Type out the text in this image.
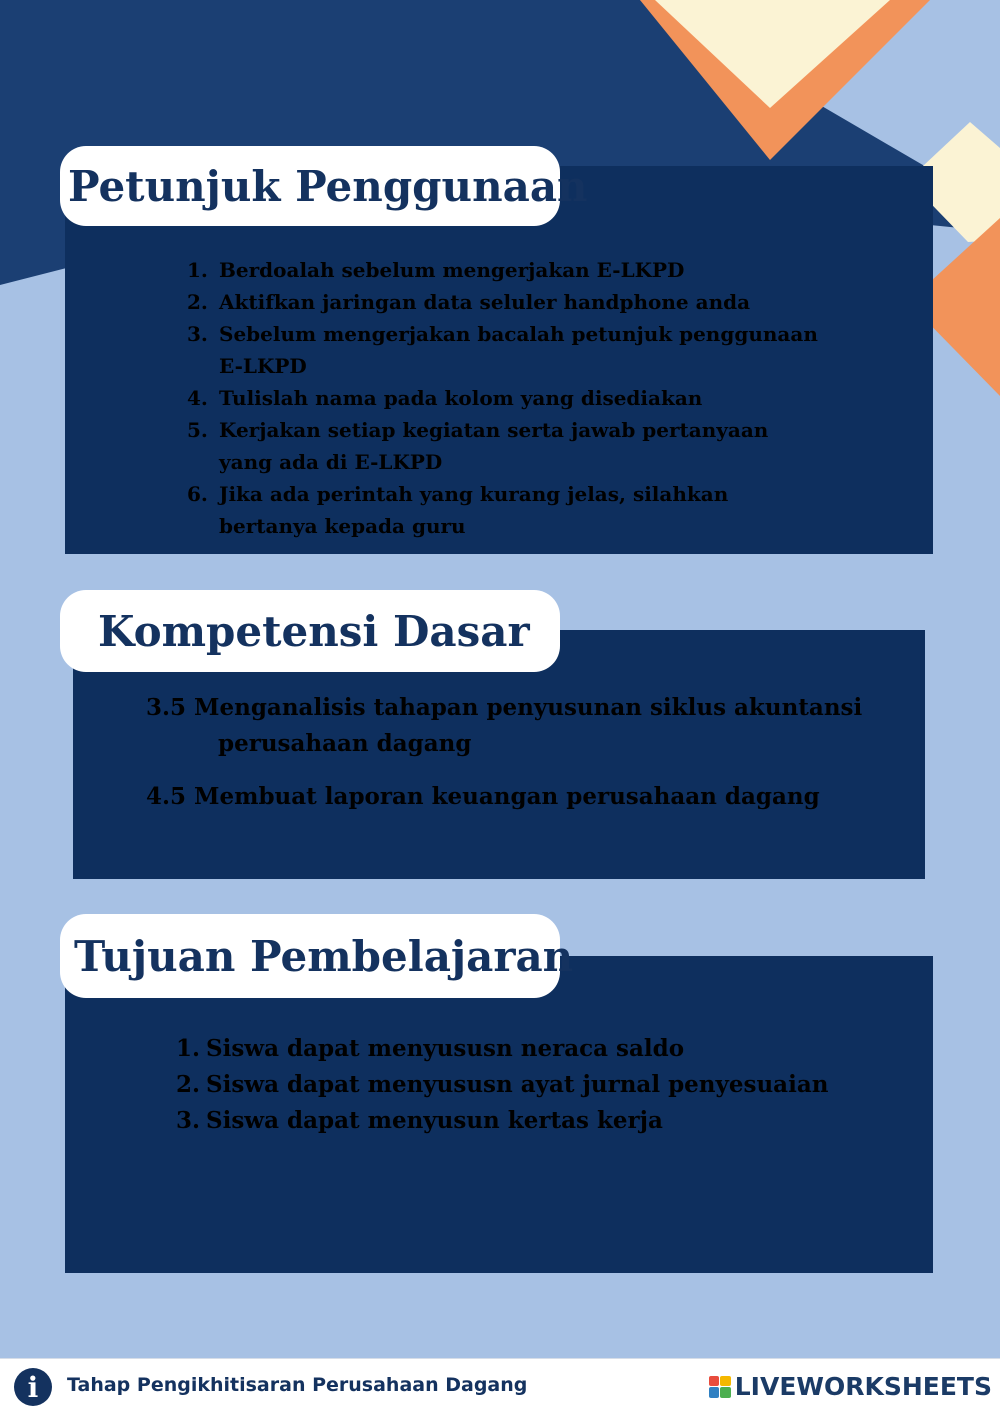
Petunjuk Penggunaan
1. Berdoalah sebelum mengerjakan E-LKPD
2. Aktifkan jaringan data seluler handphone anda
3. Sebelum mengerjakan bacalah petunjuk penggunaan E-LKPD
4. Tulislah nama pada kolom yang disediakan
5. Kerjakan setiap kegiatan serta jawab pertanyaan yang ada di E-LKPD
6. Jika ada perintah yang kurang jelas, silahkan bertanya kepada guru
Kompetensi Dasar
3.5 Menganalisis tahapan penyusunan siklus akuntansi
perusahaan dagang
4.5 Membuat laporan keuangan perusahaan dagang
Tujuan Pembelajaran
1. Siswa dapat menyususn neraca saldo
2. Siswa dapat menyususn ayat jurnal penyesuaian
3. Siswa dapat menyusun kertas kerja
i	Tahap Pengikhitisaran Perusahaan Dagang	LIVEWORKSHEETS
